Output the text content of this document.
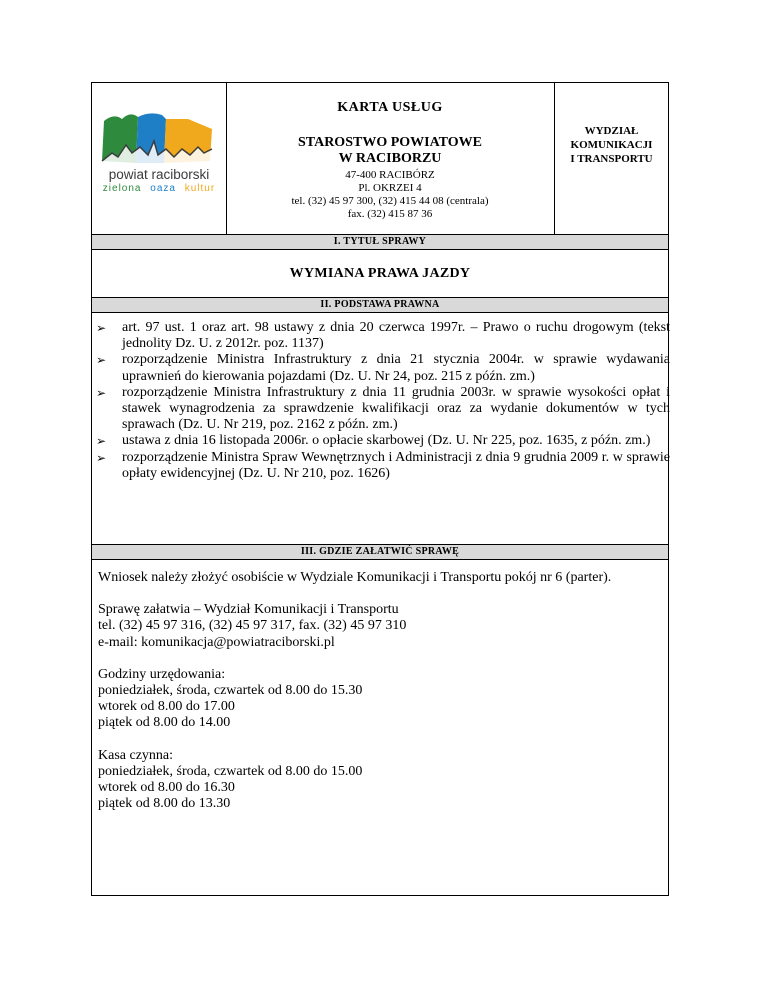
powiat raciborski
zielona oaza kultur
KARTA USŁUG
STAROSTWO POWIATOWE
W RACIBORZU
47-400 RACIBÓRZ
Pl. OKRZEI 4
tel. (32) 45 97 300, (32) 415 44 08 (centrala)
fax. (32) 415 87 36
WYDZIAŁ
KOMUNIKACJI
I TRANSPORTU
I. TYTUŁ SPRAWY
WYMIANA PRAWA JAZDY
II. PODSTAWA PRAWNA
➢ art. 97 ust. 1 oraz art. 98 ustawy z dnia 20 czerwca 1997r. – Prawo o ruchu drogowym (tekst jednolity Dz. U. z 2012r. poz. 1137)
➢ rozporządzenie Ministra Infrastruktury z dnia 21 stycznia 2004r. w sprawie wydawania uprawnień do kierowania pojazdami (Dz. U. Nr 24, poz. 215 z późn. zm.)
➢ rozporządzenie Ministra Infrastruktury z dnia 11 grudnia 2003r. w sprawie wysokości opłat i stawek wynagrodzenia za sprawdzenie kwalifikacji oraz za wydanie dokumentów w tych sprawach (Dz. U. Nr 219, poz. 2162 z późn. zm.)
➢ ustawa z dnia 16 listopada 2006r. o opłacie skarbowej (Dz. U. Nr 225, poz. 1635, z późn. zm.)
➢ rozporządzenie Ministra Spraw Wewnętrznych i Administracji z dnia 9 grudnia 2009 r. w sprawie opłaty ewidencyjnej (Dz. U. Nr 210, poz. 1626)
III. GDZIE ZAŁATWIĆ SPRAWĘ

Wniosek należy złożyć osobiście w Wydziale Komunikacji i Transportu pokój nr 6 (parter).

Sprawę załatwia – Wydział Komunikacji i Transportu

tel. (32) 45 97 316, (32) 45 97 317, fax. (32) 45 97 310

e-mail: komunikacja@powiatraciborski.pl

Godziny urzędowania:

poniedziałek, środa, czwartek od 8.00 do 15.30

wtorek od 8.00 do 17.00

piątek od 8.00 do 14.00

Kasa czynna:

poniedziałek, środa, czwartek od 8.00 do 15.00

wtorek od 8.00 do 16.30

piątek od 8.00 do 13.30
